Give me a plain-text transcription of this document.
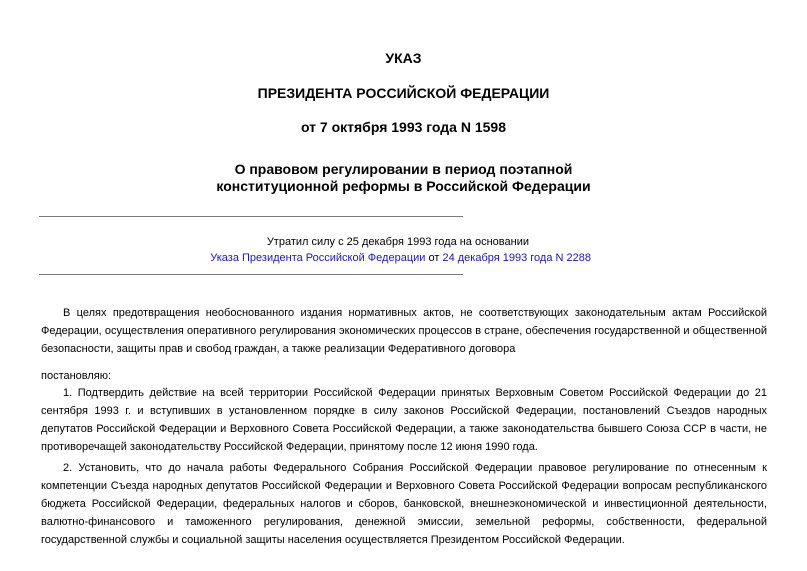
УКАЗ
ПРЕЗИДЕНТА РОССИЙСКОЙ ФЕДЕРАЦИИ
от 7 октября 1993 года N 1598
О правовом регулировании в период поэтапной
конституционной реформы в Российской Федерации
Утратил силу с 25 декабря 1993 года на основании
Указа Президента Российской Федерации от 24 декабря 1993 года N 2288

В целях предотвращения необоснованного издания нормативных актов, не соответствующих законодательным актам Российской Федерации, осуществления оперативного регулирования экономических процессов в стране, обеспечения государственной и общественной безопасности, защиты прав и свобод граждан, а также реализации Федеративного договора

постановляю:

1. Подтвердить действие на всей территории Российской Федерации принятых Верховным Советом Российской Федерации до 21 сентября 1993 г. и вступивших в установленном порядке в силу законов Российской Федерации, постановлений Съездов народных депутатов Российской Федерации и Верховного Совета Российской Федерации, а также законодательства бывшего Союза ССР в части, не противоречащей законодательству Российской Федерации, принятому после 12 июня 1990 года.

2. Установить, что до начала работы Федерального Собрания Российской Федерации правовое регулирование по отнесенным к компетенции Съезда народных депутатов Российской Федерации и Верховного Совета Российской Федерации вопросам республиканского бюджета Российской Федерации, федеральных налогов и сборов, банковской, внешнеэкономической и инвестиционной деятельности, валютно-финансового и таможенного регулирования, денежной эмиссии, земельной реформы, собственности, федеральной государственной службы и социальной защиты населения осуществляется Президентом Российской Федерации.
